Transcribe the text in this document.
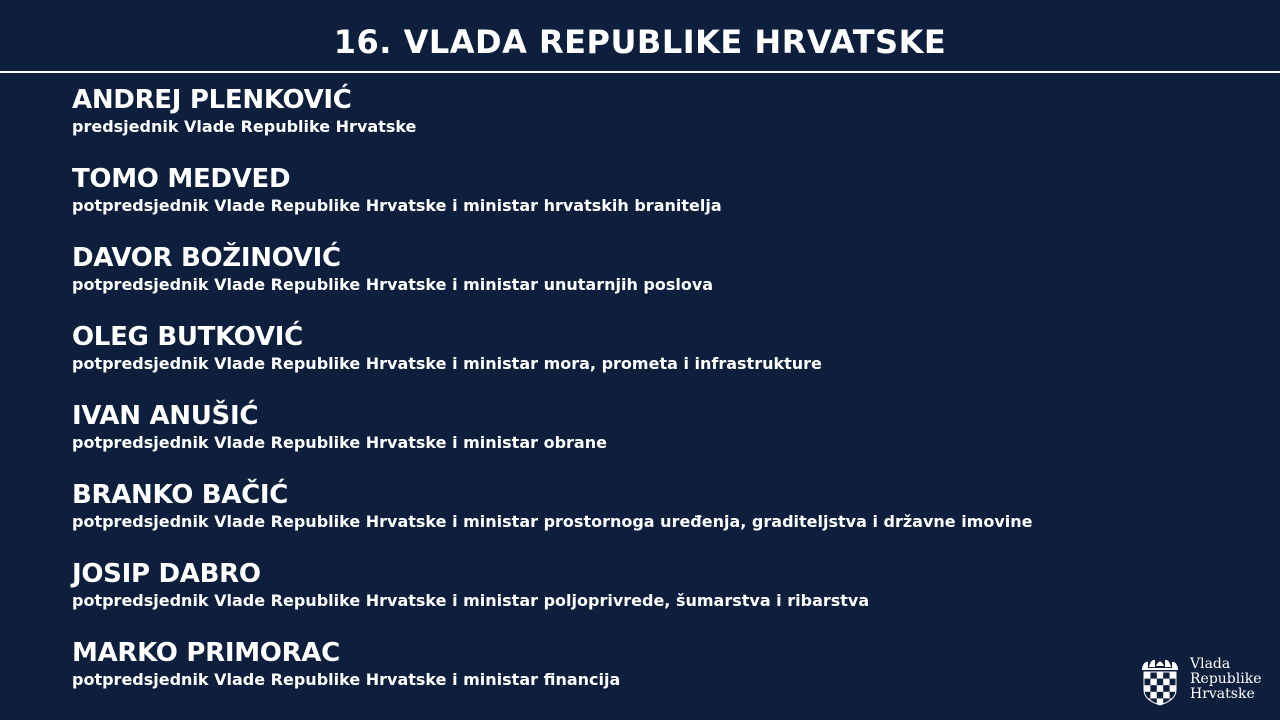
16. VLADA REPUBLIKE HRVATSKE
ANDREJ PLENKOVIĆ
predsjednik Vlade Republike Hrvatske
TOMO MEDVED
potpredsjednik Vlade Republike Hrvatske i ministar hrvatskih branitelja
DAVOR BOŽINOVIĆ
potpredsjednik Vlade Republike Hrvatske i ministar unutarnjih poslova
OLEG BUTKOVIĆ
potpredsjednik Vlade Republike Hrvatske i ministar mora, prometa i infrastrukture
IVAN ANUŠIĆ
potpredsjednik Vlade Republike Hrvatske i ministar obrane
BRANKO BAČIĆ
potpredsjednik Vlade Republike Hrvatske i ministar prostornoga uređenja, graditeljstva i državne imovine
JOSIP DABRO
potpredsjednik Vlade Republike Hrvatske i ministar poljoprivrede, šumarstva i ribarstva
MARKO PRIMORAC
potpredsjednik Vlade Republike Hrvatske i ministar financija
Vlada
Republike
Hrvatske
